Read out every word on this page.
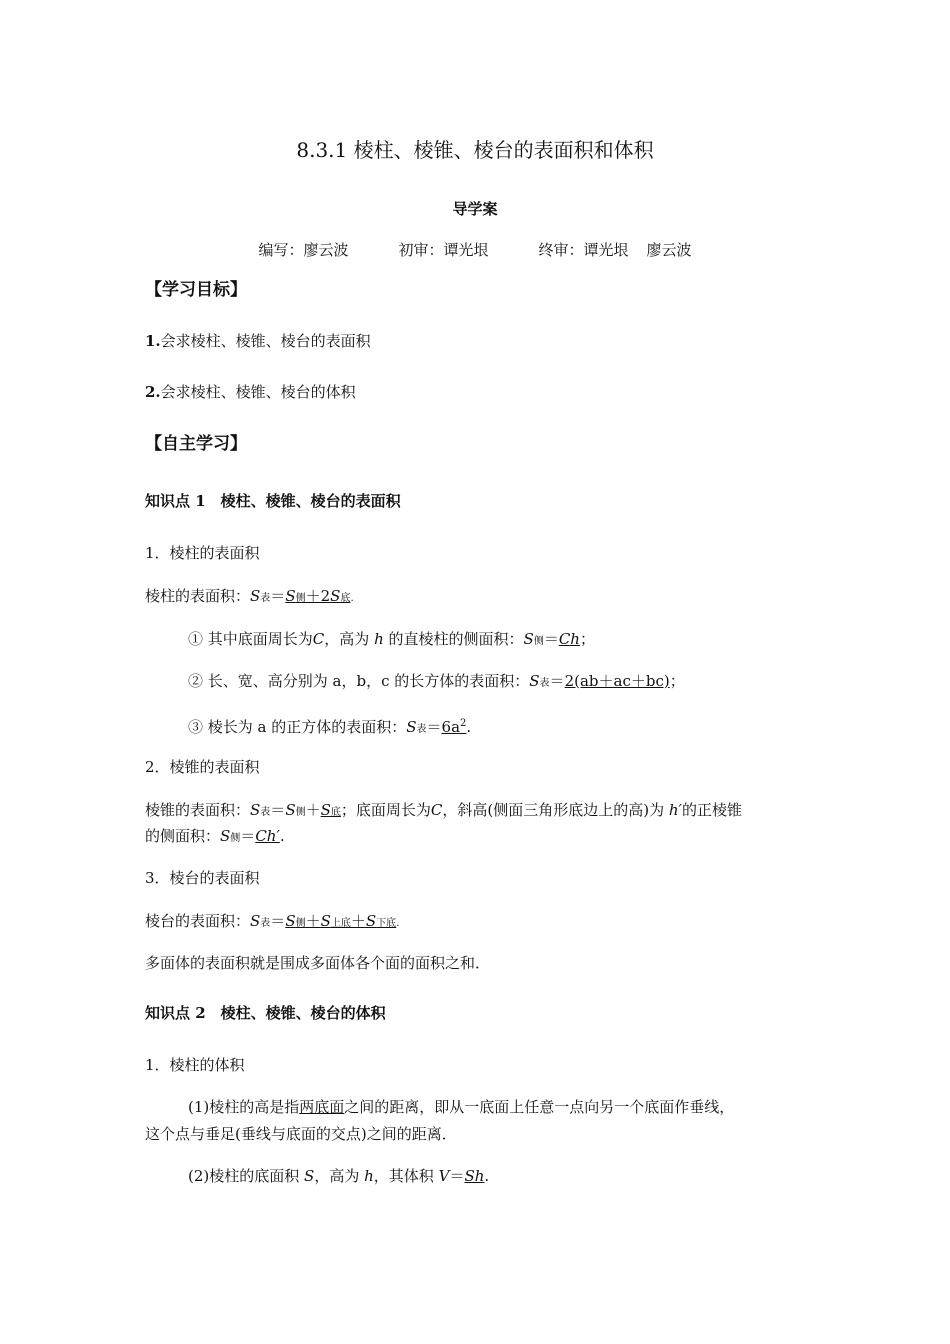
8.3.1 棱柱、棱锥、棱台的表面积和体积
导学案
编写：廖云波	初审：谭光垠	终审：谭光垠 廖云波
【学习目标】
1.会求棱柱、棱锥、棱台的表面积
2.会求棱柱、棱锥、棱台的体积
【自主学习】
知识点 1　棱柱、棱锥、棱台的表面积
1．棱柱的表面积
棱柱的表面积：S表＝S侧＋2S底.
① 其中底面周长为C，高为 h 的直棱柱的侧面积：S侧＝Ch；
② 长、宽、高分别为 a，b，c 的长方体的表面积：S表＝2(ab＋ac＋bc)；
③ 棱长为 a 的正方体的表面积：S表$=6a^2$.
2．棱锥的表面积
棱锥的表面积：S表＝S侧＋S底；底面周长为C，斜高(侧面三角形底边上的高)为 h′的正棱锥
的侧面积：S侧＝Ch′.
3．棱台的表面积
棱台的表面积：S表＝S侧＋S上底＋S下底.
多面体的表面积就是围成多面体各个面的面积之和．
知识点 2　棱柱、棱锥、棱台的体积
1．棱柱的体积
(1)棱柱的高是指两底面之间的距离，即从一底面上任意一点向另一个底面作垂线，
这个点与垂足(垂线与底面的交点)之间的距离．
(2)棱柱的底面积 S，高为 h，其体积 V＝Sh.
